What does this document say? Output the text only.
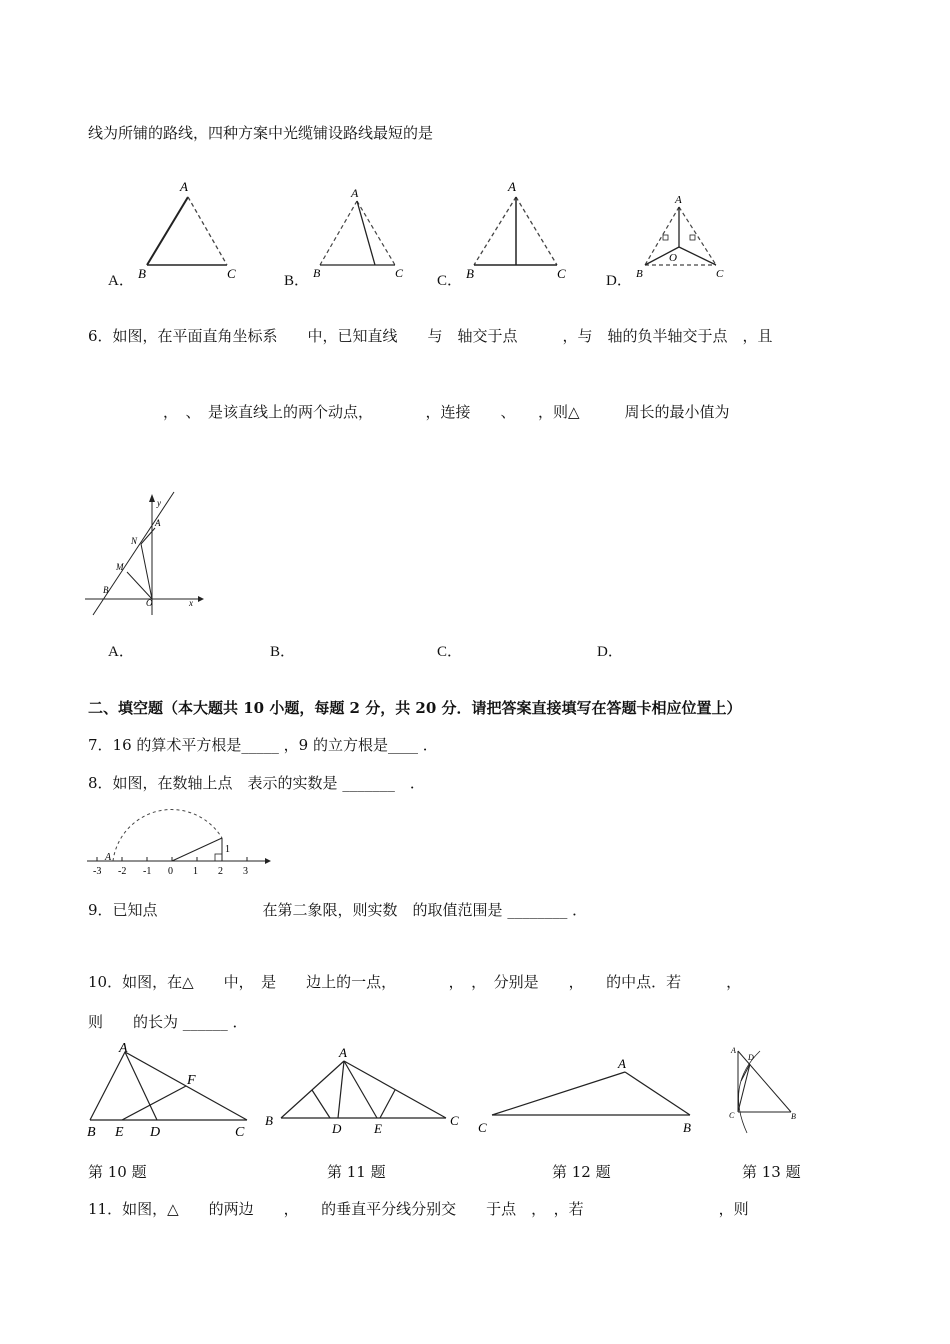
线为所铺的路线，四种方案中光缆铺设路线最短的是
A
B	C
A．
A
B	C
B．
A
B	C
C．
A
O
B	C
D．
6．如图，在平面直角坐标系　　中，已知直线　　与　轴交于点　　　，与　轴的负半轴交于点　，且
　　　　　，　、　是该直线上的两个动点，　　　　，连接　　、　　，则△　　　周长的最小值为
y
x
A
N
M
B
O
A．	B．	C．	D．
二、填空题（本大题共 10 小题，每题 2 分，共 20 分．请把答案直接填写在答题卡相应位置上）
7．16 的算术平方根是_____ ，9 的立方根是____ ．
8．如图，在数轴上点　表示的实数是 _______　．
-3 -2 -1 0 1 2 3
1
A
9．已知点　　　　　　　在第二象限，则实数　的取值范围是 ________ ．
10．如图，在△　　中，　是　　边上的一点，　　　　，　，　分别是　　，　　的中点．若　　　，
则　　的长为 ______ ．
A
F
B E D	C
A
B
D	E
C
A
C	B
A
D
C	B
第 10 题	第 11 题	第 12 题	第 13 题
11．如图，△　　的两边　　，　　的垂直平分线分别交　　于点　，　，若　　　　　　　　　，则
